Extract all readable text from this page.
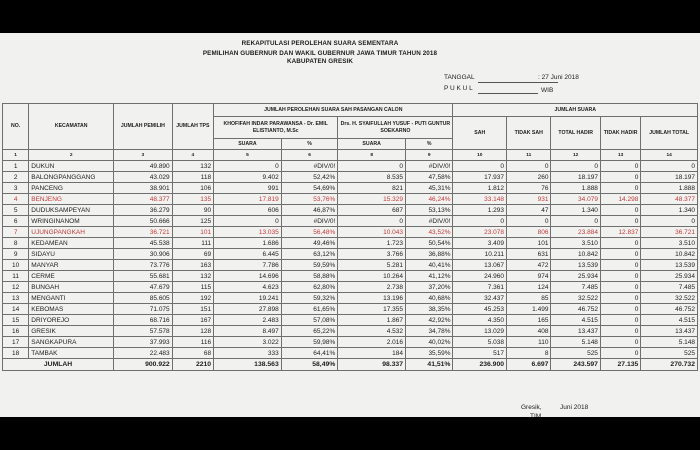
REKAPITULASI PEROLEHAN SUARA SEMENTARA
PEMILIHAN GUBERNUR DAN WAKIL GUBERNUR JAWA TIMUR TAHUN 2018
KABUPATEN GRESIK
TANGGAL	: 27 Juni 2018
P U K U L	WIB
NO.	KECAMATAN	JUMLAH PEMILIH	JUMLAH TPS	JUMLAH PEROLEHAN SUARA SAH PASANGAN CALON				JUMLAH SUARA				
				KHOFIFAH INDAR PARAWANSA - Dr. EMIL ELISTIANTO, M.Sc		Drs. H. SYAIFULLAH YUSUF - PUTI GUNTUR SOEKARNO		SAH	TIDAK SAH	TOTAL HADIR	TIDAK HADIR	JUMLAH TOTAL
				SUARA	%	SUARA	%					
1	2	3	4	5	6	8	9	10	11	12	13	14
1	DUKUN	49.890	132	0	#DIV/0!	0	#DIV/0!	0	0	0	0	0
2	BALONGPANGGANG	43.029	118	9.402	52,42%	8.535	47,58%	17.937	260	18.197	0	18.197
3	PANCENG	38.901	106	991	54,69%	821	45,31%	1.812	76	1.888	0	1.888
4	BENJENG	48.377	135	17.819	53,76%	15.329	46,24%	33.148	931	34.079	14.298	48.377
5	DUDUKSAMPEYAN	36.279	90	606	46,87%	687	53,13%	1.293	47	1.340	0	1.340
6	WRINGINANOM	50.666	125	0	#DIV/0!	0	#DIV/0!	0	0	0	0	0
7	UJUNGPANGKAH	36.721	101	13.035	56,48%	10.043	43,52%	23.078	806	23.884	12.837	36.721
8	KEDAMEAN	45.538	111	1.686	49,46%	1.723	50,54%	3.409	101	3.510	0	3.510
9	SIDAYU	30.906	69	6.445	63,12%	3.766	36,88%	10.211	631	10.842	0	10.842
10	MANYAR	73.776	163	7.786	59,59%	5.281	40,41%	13.067	472	13.539	0	13.539
11	CERME	55.681	132	14.696	58,88%	10.264	41,12%	24.960	974	25.934	0	25.934
12	BUNGAH	47.679	115	4.623	62,80%	2.738	37,20%	7.361	124	7.485	0	7.485
13	MENGANTI	85.605	192	19.241	59,32%	13.196	40,68%	32.437	85	32.522	0	32.522
14	KEBOMAS	71.075	151	27.898	61,65%	17.355	38,35%	45.253	1.499	46.752	0	46.752
15	DRIYOREJO	68.716	167	2.483	57,08%	1.867	42,92%	4.350	165	4.515	0	4.515
16	GRESIK	57.578	128	8.497	65,22%	4.532	34,78%	13.029	408	13.437	0	13.437
17	SANGKAPURA	37.993	116	3.022	59,98%	2.016	40,02%	5.038	110	5.148	0	5.148
18	TAMBAK	22.483	68	333	64,41%	184	35,59%	517	8	525	0	525
JUMLAH		900.922	2210	138.563	58,49%	98.337	41,51%	236.900	6.697	243.597	27.135	270.732
Gresik,	Juni 2018
TIM
